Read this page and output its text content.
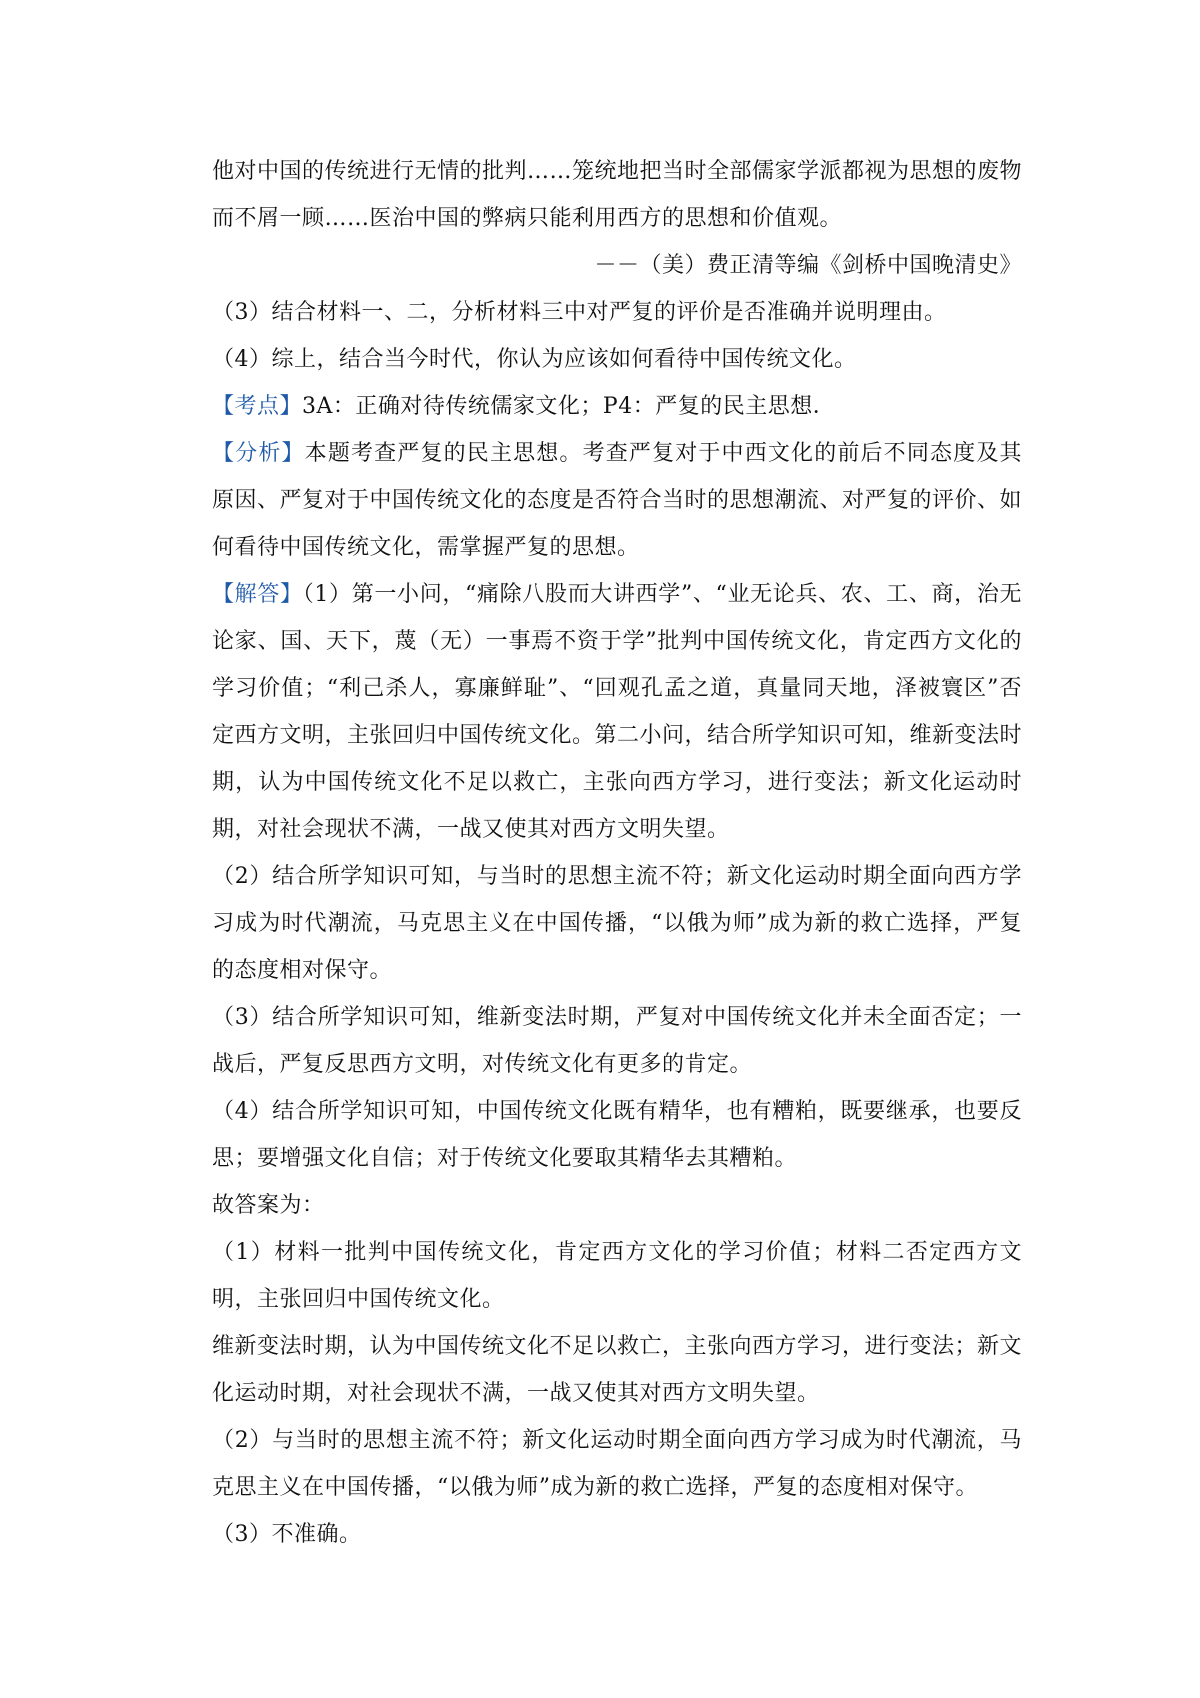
他对中国的传统进行无情的批判……笼统地把当时全部儒家学派都视为思想的废物而不屑一顾……医治中国的弊病只能利用西方的思想和价值观。

－－（美）费正清等编《剑桥中国晚清史》

（3）结合材料一、二，分析材料三中对严复的评价是否准确并说明理由。

（4）综上，结合当今时代，你认为应该如何看待中国传统文化。

【考点】3A：正确对待传统儒家文化；P4：严复的民主思想．

【分析】本题考查严复的民主思想。考查严复对于中西文化的前后不同态度及其原因、严复对于中国传统文化的态度是否符合当时的思想潮流、对严复的评价、如何看待中国传统文化，需掌握严复的思想。

【解答】（1）第一小问，“痛除八股而大讲西学”、“业无论兵、农、工、商，治无论家、国、天下，蔑（无）一事焉不资于学”批判中国传统文化，肯定西方文化的学习价值；“利己杀人，寡廉鲜耻”、“回观孔孟之道，真量同天地，泽被寰区”否定西方文明，主张回归中国传统文化。第二小问，结合所学知识可知，维新变法时期，认为中国传统文化不足以救亡，主张向西方学习，进行变法；新文化运动时期，对社会现状不满，一战又使其对西方文明失望。

（2）结合所学知识可知，与当时的思想主流不符；新文化运动时期全面向西方学习成为时代潮流，马克思主义在中国传播，“以俄为师”成为新的救亡选择，严复的态度相对保守。

（3）结合所学知识可知，维新变法时期，严复对中国传统文化并未全面否定；一战后，严复反思西方文明，对传统文化有更多的肯定。

（4）结合所学知识可知，中国传统文化既有精华，也有糟粕，既要继承，也要反思；要增强文化自信；对于传统文化要取其精华去其糟粕。

故答案为：

（1）材料一批判中国传统文化，肯定西方文化的学习价值；材料二否定西方文明，主张回归中国传统文化。

维新变法时期，认为中国传统文化不足以救亡，主张向西方学习，进行变法；新文化运动时期，对社会现状不满，一战又使其对西方文明失望。

（2）与当时的思想主流不符；新文化运动时期全面向西方学习成为时代潮流，马克思主义在中国传播，“以俄为师”成为新的救亡选择，严复的态度相对保守。

（3）不准确。
